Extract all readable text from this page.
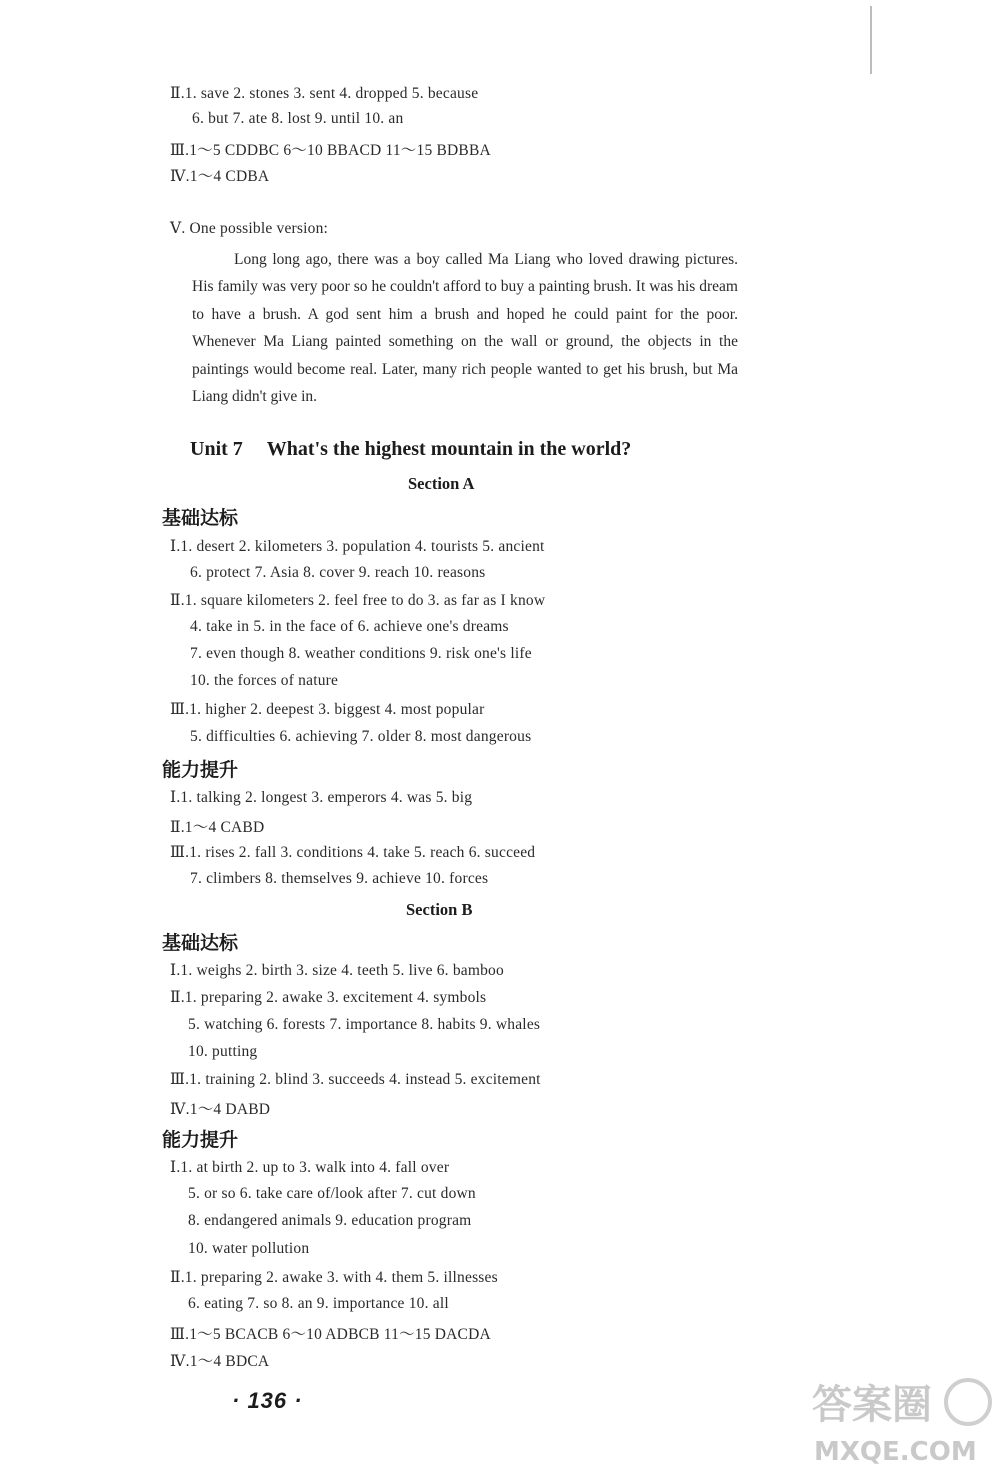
Ⅱ.1. save 2. stones 3. sent 4. dropped 5. because
6. but 7. ate 8. lost 9. until 10. an
Ⅲ.1～5 CDDBC 6～10 BBACD 11～15 BDBBA
Ⅳ.1～4 CDBA
Ⅴ. One possible version:

Long long ago, there was a boy called Ma Liang who loved drawing pictures. His family was very poor so he couldn't afford to buy a painting brush. It was his dream to have a brush. A god sent him a brush and hoped he could paint for the poor. Whenever Ma Liang painted something on the wall or ground, the objects in the paintings would become real. Later, many rich people wanted to get his brush, but Ma Liang didn't give in.

Unit 7 What's the highest mountain in the world?
Section A
基础达标
Ⅰ.1. desert 2. kilometers 3. population 4. tourists 5. ancient
6. protect 7. Asia 8. cover 9. reach 10. reasons
Ⅱ.1. square kilometers 2. feel free to do 3. as far as I know
4. take in 5. in the face of 6. achieve one's dreams
7. even though 8. weather conditions 9. risk one's life
10. the forces of nature
Ⅲ.1. higher 2. deepest 3. biggest 4. most popular
5. difficulties 6. achieving 7. older 8. most dangerous
能力提升
Ⅰ.1. talking 2. longest 3. emperors 4. was 5. big
Ⅱ.1～4 CABD
Ⅲ.1. rises 2. fall 3. conditions 4. take 5. reach 6. succeed
7. climbers 8. themselves 9. achieve 10. forces
Section B
基础达标
Ⅰ.1. weighs 2. birth 3. size 4. teeth 5. live 6. bamboo
Ⅱ.1. preparing 2. awake 3. excitement 4. symbols
5. watching 6. forests 7. importance 8. habits 9. whales
10. putting
Ⅲ.1. training 2. blind 3. succeeds 4. instead 5. excitement
Ⅳ.1～4 DABD
能力提升
Ⅰ.1. at birth 2. up to 3. walk into 4. fall over
5. or so 6. take care of/look after 7. cut down
8. endangered animals 9. education program
10. water pollution
Ⅱ.1. preparing 2. awake 3. with 4. them 5. illnesses
6. eating 7. so 8. an 9. importance 10. all
Ⅲ.1～5 BCACB 6～10 ADBCB 11～15 DACDA
Ⅳ.1～4 BDCA
· 136 ·	答案圈
MXQE.COM
